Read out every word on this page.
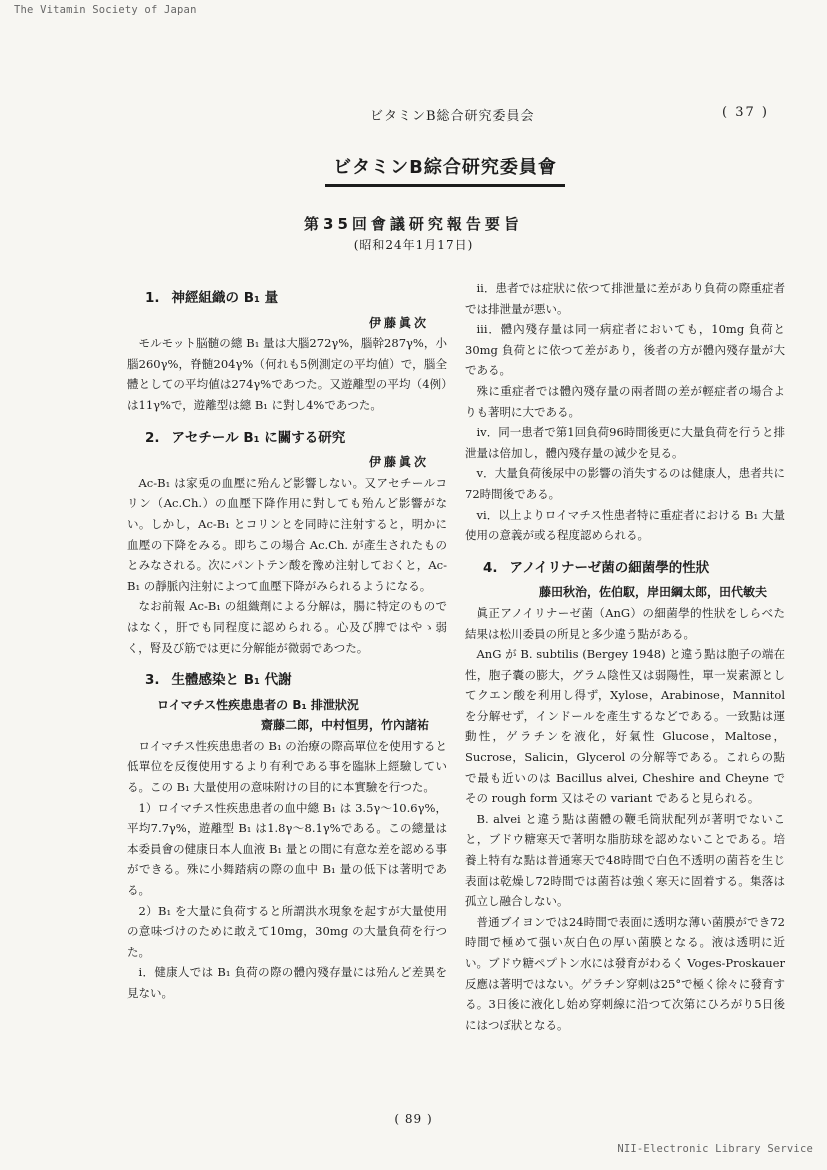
The Vitamin Society of Japan
ビタミンB総合研究委員会	( 37 )
ビタミンB綜合研究委員會
第35回會議研究報告要旨
(昭和24年1月17日)
1. 神經組織の B₁ 量
伊藤眞次

モルモット脳髄の總 B₁ 量は大腦272γ%，腦幹287γ%，小腦260γ%，脊髄204γ%（何れも5例測定の平均値）で，腦全體としての平均値は274γ%であつた。又遊離型の平均（4例）は11γ%で，遊離型は總 B₁ に對し4%であつた。

2. アセチール B₁ に關する研究
伊藤眞次

Ac-B₁ は家兎の血壓に殆んど影響しない。又アセチールコリン（Ac.Ch.）の血壓下降作用に對しても殆んど影響がない。しかし，Ac-B₁ とコリンとを同時に注射すると，明かに血壓の下降をみる。即ちこの場合 Ac.Ch. が產生されたものとみなされる。次にパントテン酸を豫め注射しておくと，Ac-B₁ の靜脈內注射によつて血壓下降がみられるようになる。

なお前報 Ac-B₁ の組織劑による分解は，腸に特定のものではなく，肝でも同程度に認められる。心及び脾ではやゝ弱く，腎及び筋では更に分解能が微弱であつた。

3. 生體感染と B₁ 代謝
ロイマチス性疾患患者の B₁ 排泄狀況
齋藤二郎，中村恒男，竹內諸祐

ロイマチス性疾患患者の B₁ の治療の際高單位を使用すると低單位を反復使用するより有利である事を臨牀上經驗している。この B₁ 大量使用の意味附けの目的に本實驗を行つた。

1）ロイマチス性疾患患者の血中總 B₁ は 3.5γ〜10.6γ%，平均7.7γ%，遊離型 B₁ は1.8γ〜8.1γ%である。この總量は本委員會の健康日本人血液 B₁ 量との間に有意な差を認める事ができる。殊に小舞踏病の際の血中 B₁ 量の低下は著明である。

2）B₁ を大量に負荷すると所謂洪水現象を起すが大量使用の意味づけのために敢えて10mg，30mg の大量負荷を行つた。

i．健康人では B₁ 負荷の際の體內殘存量には殆んど差異を見ない。

ii．患者では症狀に依つて排泄量に差があり負荷の際重症者では排泄量が悪い。

iii．體內殘存量は同一病症者においても，10mg 負荷と30mg 負荷とに依つて差があり，後者の方が體內殘存量が大である。

殊に重症者では體內殘存量の兩者間の差が輕症者の場合よりも著明に大である。

iv．同一患者で第1回負荷96時間後更に大量負荷を行うと排泄量は倍加し，體內殘存量の減少を見る。

v．大量負荷後尿中の影響の消失するのは健康人，患者共に72時間後である。

vi．以上よりロイマチス性患者特に重症者における B₁ 大量使用の意義が或る程度認められる。

4. アノイリナーゼ菌の細菌學的性狀
藤田秋治，佐伯馭，岸田綱太郎，田代敏夫

眞正アノイリナーゼ菌（AnG）の細菌學的性狀をしらべた結果は松川委員の所見と多少違う點がある。

AnG が B. subtilis (Bergey 1948) と違う點は胞子の端在性，胞子囊の膨大，グラム陰性又は弱陽性，單一炭素源としてクエン酸を利用し得ず，Xylose，Arabinose，Mannitol を分解せず，インドールを產生するなどである。一致點は運動性，ゲラチンを液化，好氣性 Glucose，Maltose，Sucrose，Salicin，Glycerol の分解等である。これらの點で最も近いのは Bacillus alvei, Cheshire and Cheyne でその rough form 又はその variant であると見られる。

B. alvei と違う點は菌體の鞭毛筒狀配列が著明でないこと，ブドウ糖寒天で著明な脂肪球を認めないことである。培養上特有な點は普通寒天で48時間で白色不透明の菌苔を生じ表面は乾燥し72時間では菌苔は強く寒天に固着する。集落は孤立し融合しない。

普通ブイヨンでは24時間で表面に透明な薄い菌膜ができ72時間で極めて强い灰白色の厚い菌膜となる。液は透明に近い。ブドウ糖ペプトン水には發育がわるく Voges-Proskauer 反應は著明ではない。ゲラチン穿刺は25°で極く徐々に發育する。3日後に液化し始め穿刺線に沿つて次第にひろがり5日後にはつぼ狀となる。

( 89 )
NII-Electronic Library Service
